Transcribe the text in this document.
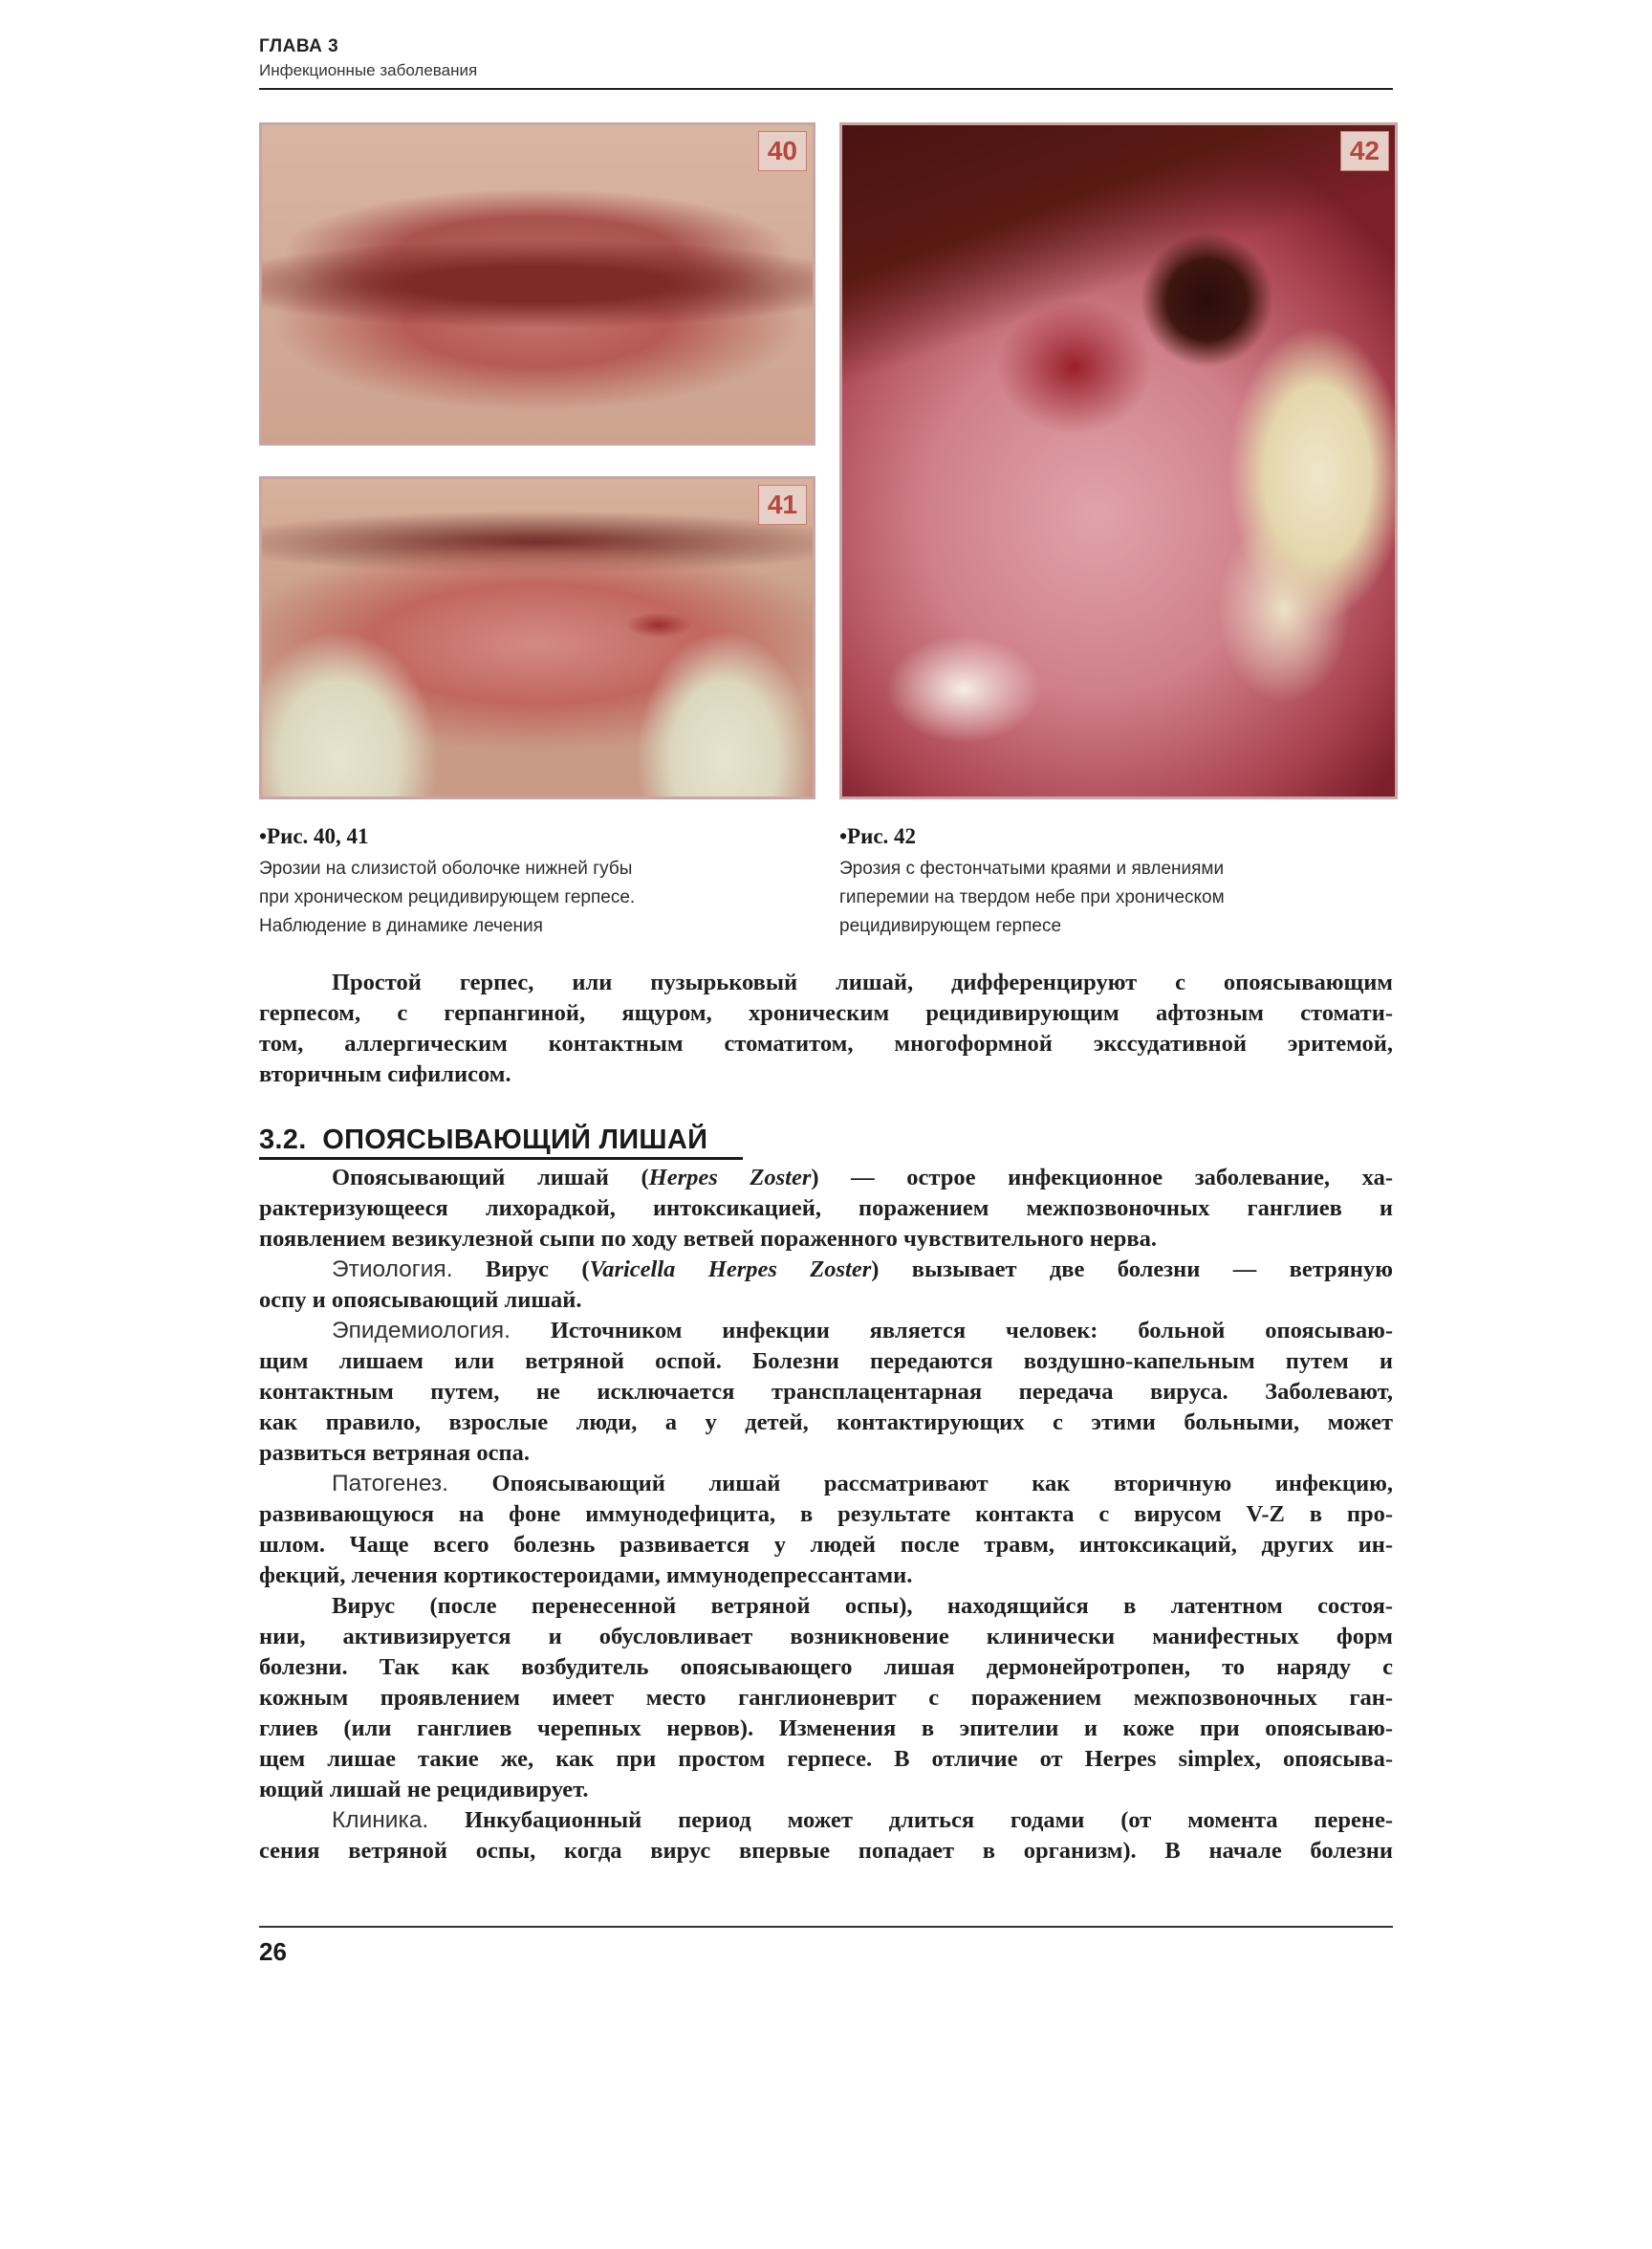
ГЛАВА 3
Инфекционные заболевания
40
41
42
•Рис. 40, 41
Эрозии на слизистой оболочке нижней губы
при хроническом рецидивирующем герпесе.
Наблюдение в динамике лечения
•Рис. 42
Эрозия с фестончатыми краями и явлениями
гиперемии на твердом небе при хроническом
рецидивирующем герпесе
Простой герпес, или пузырьковый лишай, дифференцируют с опоясывающим
герпесом, с герпангиной, ящуром, хроническим рецидивирующим афтозным стомати-
том, аллергическим контактным стоматитом, многоформной экссудативной эритемой,
вторичным сифилисом.
3.2. ОПОЯСЫВАЮЩИЙ ЛИШАЙ
Опоясывающий лишай (Herpes Zoster) — острое инфекционное заболевание, ха-
рактеризующееся лихорадкой, интоксикацией, поражением межпозвоночных ганглиев и
появлением везикулезной сыпи по ходу ветвей пораженного чувствительного нерва.
Этиология. Вирус (Varicella Herpes Zoster) вызывает две болезни — ветряную
оспу и опоясывающий лишай.
Эпидемиология. Источником инфекции является человек: больной опоясываю-
щим лишаем или ветряной оспой. Болезни передаются воздушно-капельным путем и
контактным путем, не исключается трансплацентарная передача вируса. Заболевают,
как правило, взрослые люди, а у детей, контактирующих с этими больными, может
развиться ветряная оспа.
Патогенез. Опоясывающий лишай рассматривают как вторичную инфекцию,
развивающуюся на фоне иммунодефицита, в результате контакта с вирусом V-Z в про-
шлом. Чаще всего болезнь развивается у людей после травм, интоксикаций, других ин-
фекций, лечения кортикостероидами, иммунодепрессантами.
Вирус (после перенесенной ветряной оспы), находящийся в латентном состоя-
нии, активизируется и обусловливает возникновение клинически манифестных форм
болезни. Так как возбудитель опоясывающего лишая дермонейротропен, то наряду с
кожным проявлением имеет место ганглионеврит с поражением межпозвоночных ган-
глиев (или ганглиев черепных нервов). Изменения в эпителии и коже при опоясываю-
щем лишае такие же, как при простом герпесе. В отличие от Herpes simplex, опоясыва-
ющий лишай не рецидивирует.
Клиника. Инкубационный период может длиться годами (от момента перене-
сения ветряной оспы, когда вирус впервые попадает в организм). В начале болезни
26
